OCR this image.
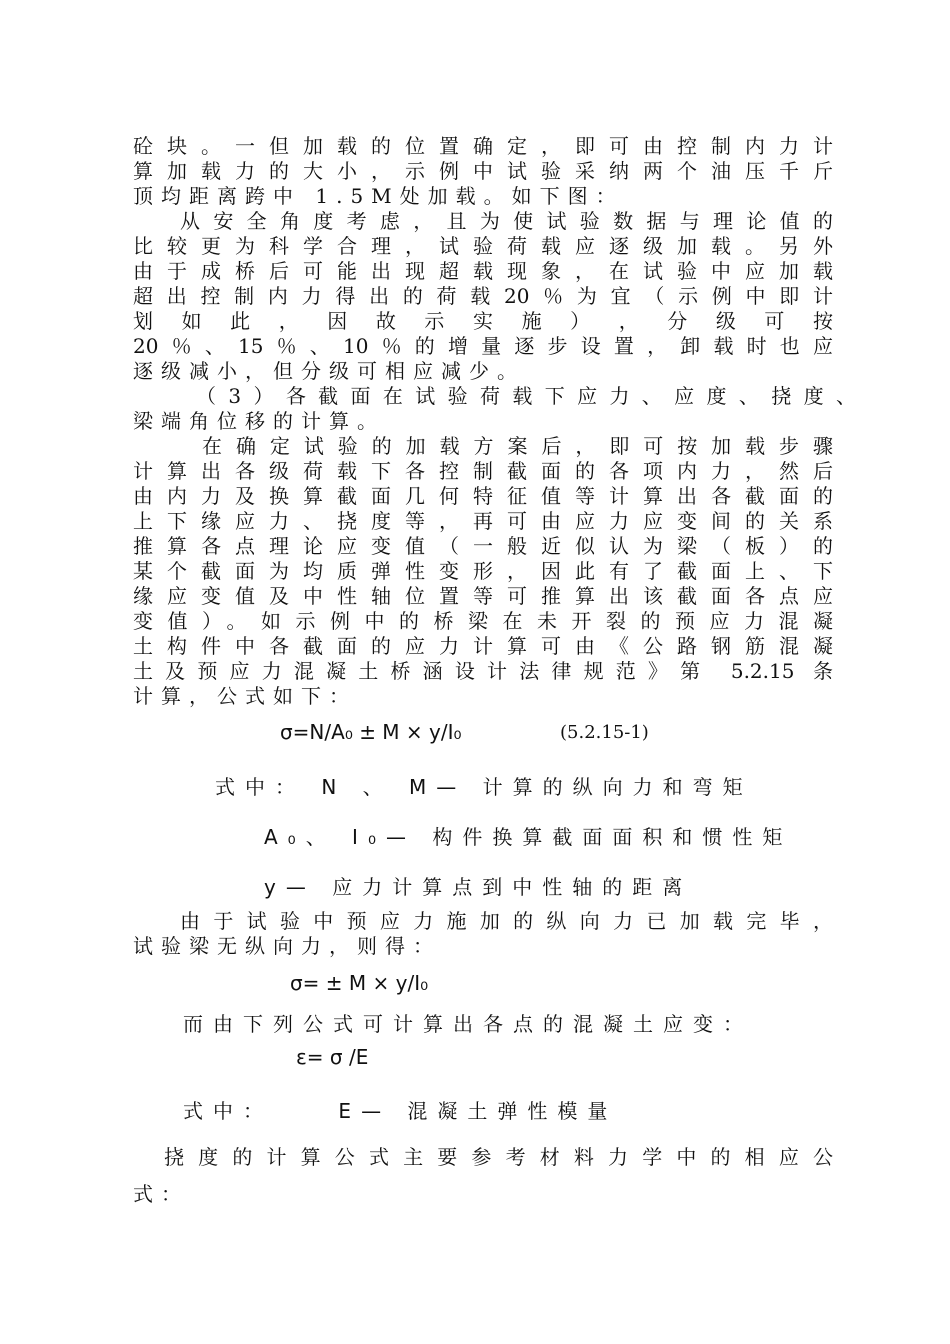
砼块。一但加载的位置确定，即可由控制内力计

算加载力的大小，示例中试验采纳两个油压千斤

顶均距离跨中 1.5M处加载。如下图：

从安全角度考虑，且为使试验数据与理论值的

比较更为科学合理，试验荷载应逐级加载。另外

由于成桥后可能出现超载现象，在试验中应加载

超出控制内力得出的荷载20％为宜（示例中即计

划 如 此 ， 因 故 示 实 施 ） ， 分 级 可 按

20％、15％、10％的增量逐步设置，卸载时也应

逐级减小，但分级可相应减少。

（3）各截面在试验荷载下应力、应度、挠度、

梁端角位移的计算。

在确定试验的加载方案后，即可按加载步骤

计算出各级荷载下各控制截面的各项内力，然后

由内力及换算截面几何特征值等计算出各截面的

上下缘应力、挠度等，再可由应力应变间的关系

推算各点理论应变值（一般近似认为梁（板）的

某个截面为均质弹性变形，因此有了截面上、下

缘应变值及中性轴位置等可推算出该截面各点应

变值）。如示例中的桥梁在未开裂的预应力混凝

土构件中各截面的应力计算可由《公路钢筋混凝

土及预应力混凝土桥涵设计法律规范》第 5.2.15 条

计算，公式如下：

σ=N/A₀ ± M × y/I₀	(5.2.15-1)

式中： N 、 M— 计算的纵向力和弯矩

A₀、 I₀— 构件换算截面面积和惯性矩

y— 应力计算点到中性轴的距离

由于试验中预应力施加的纵向力已加载完毕，

试验梁无纵向力，则得：

σ= ± M × y/I₀

而由下列公式可计算出各点的混凝土应变：

ε= σ /E

式中：    E— 混凝土弹性模量

挠度的计算公式主要参考材料力学中的相应公

式：
